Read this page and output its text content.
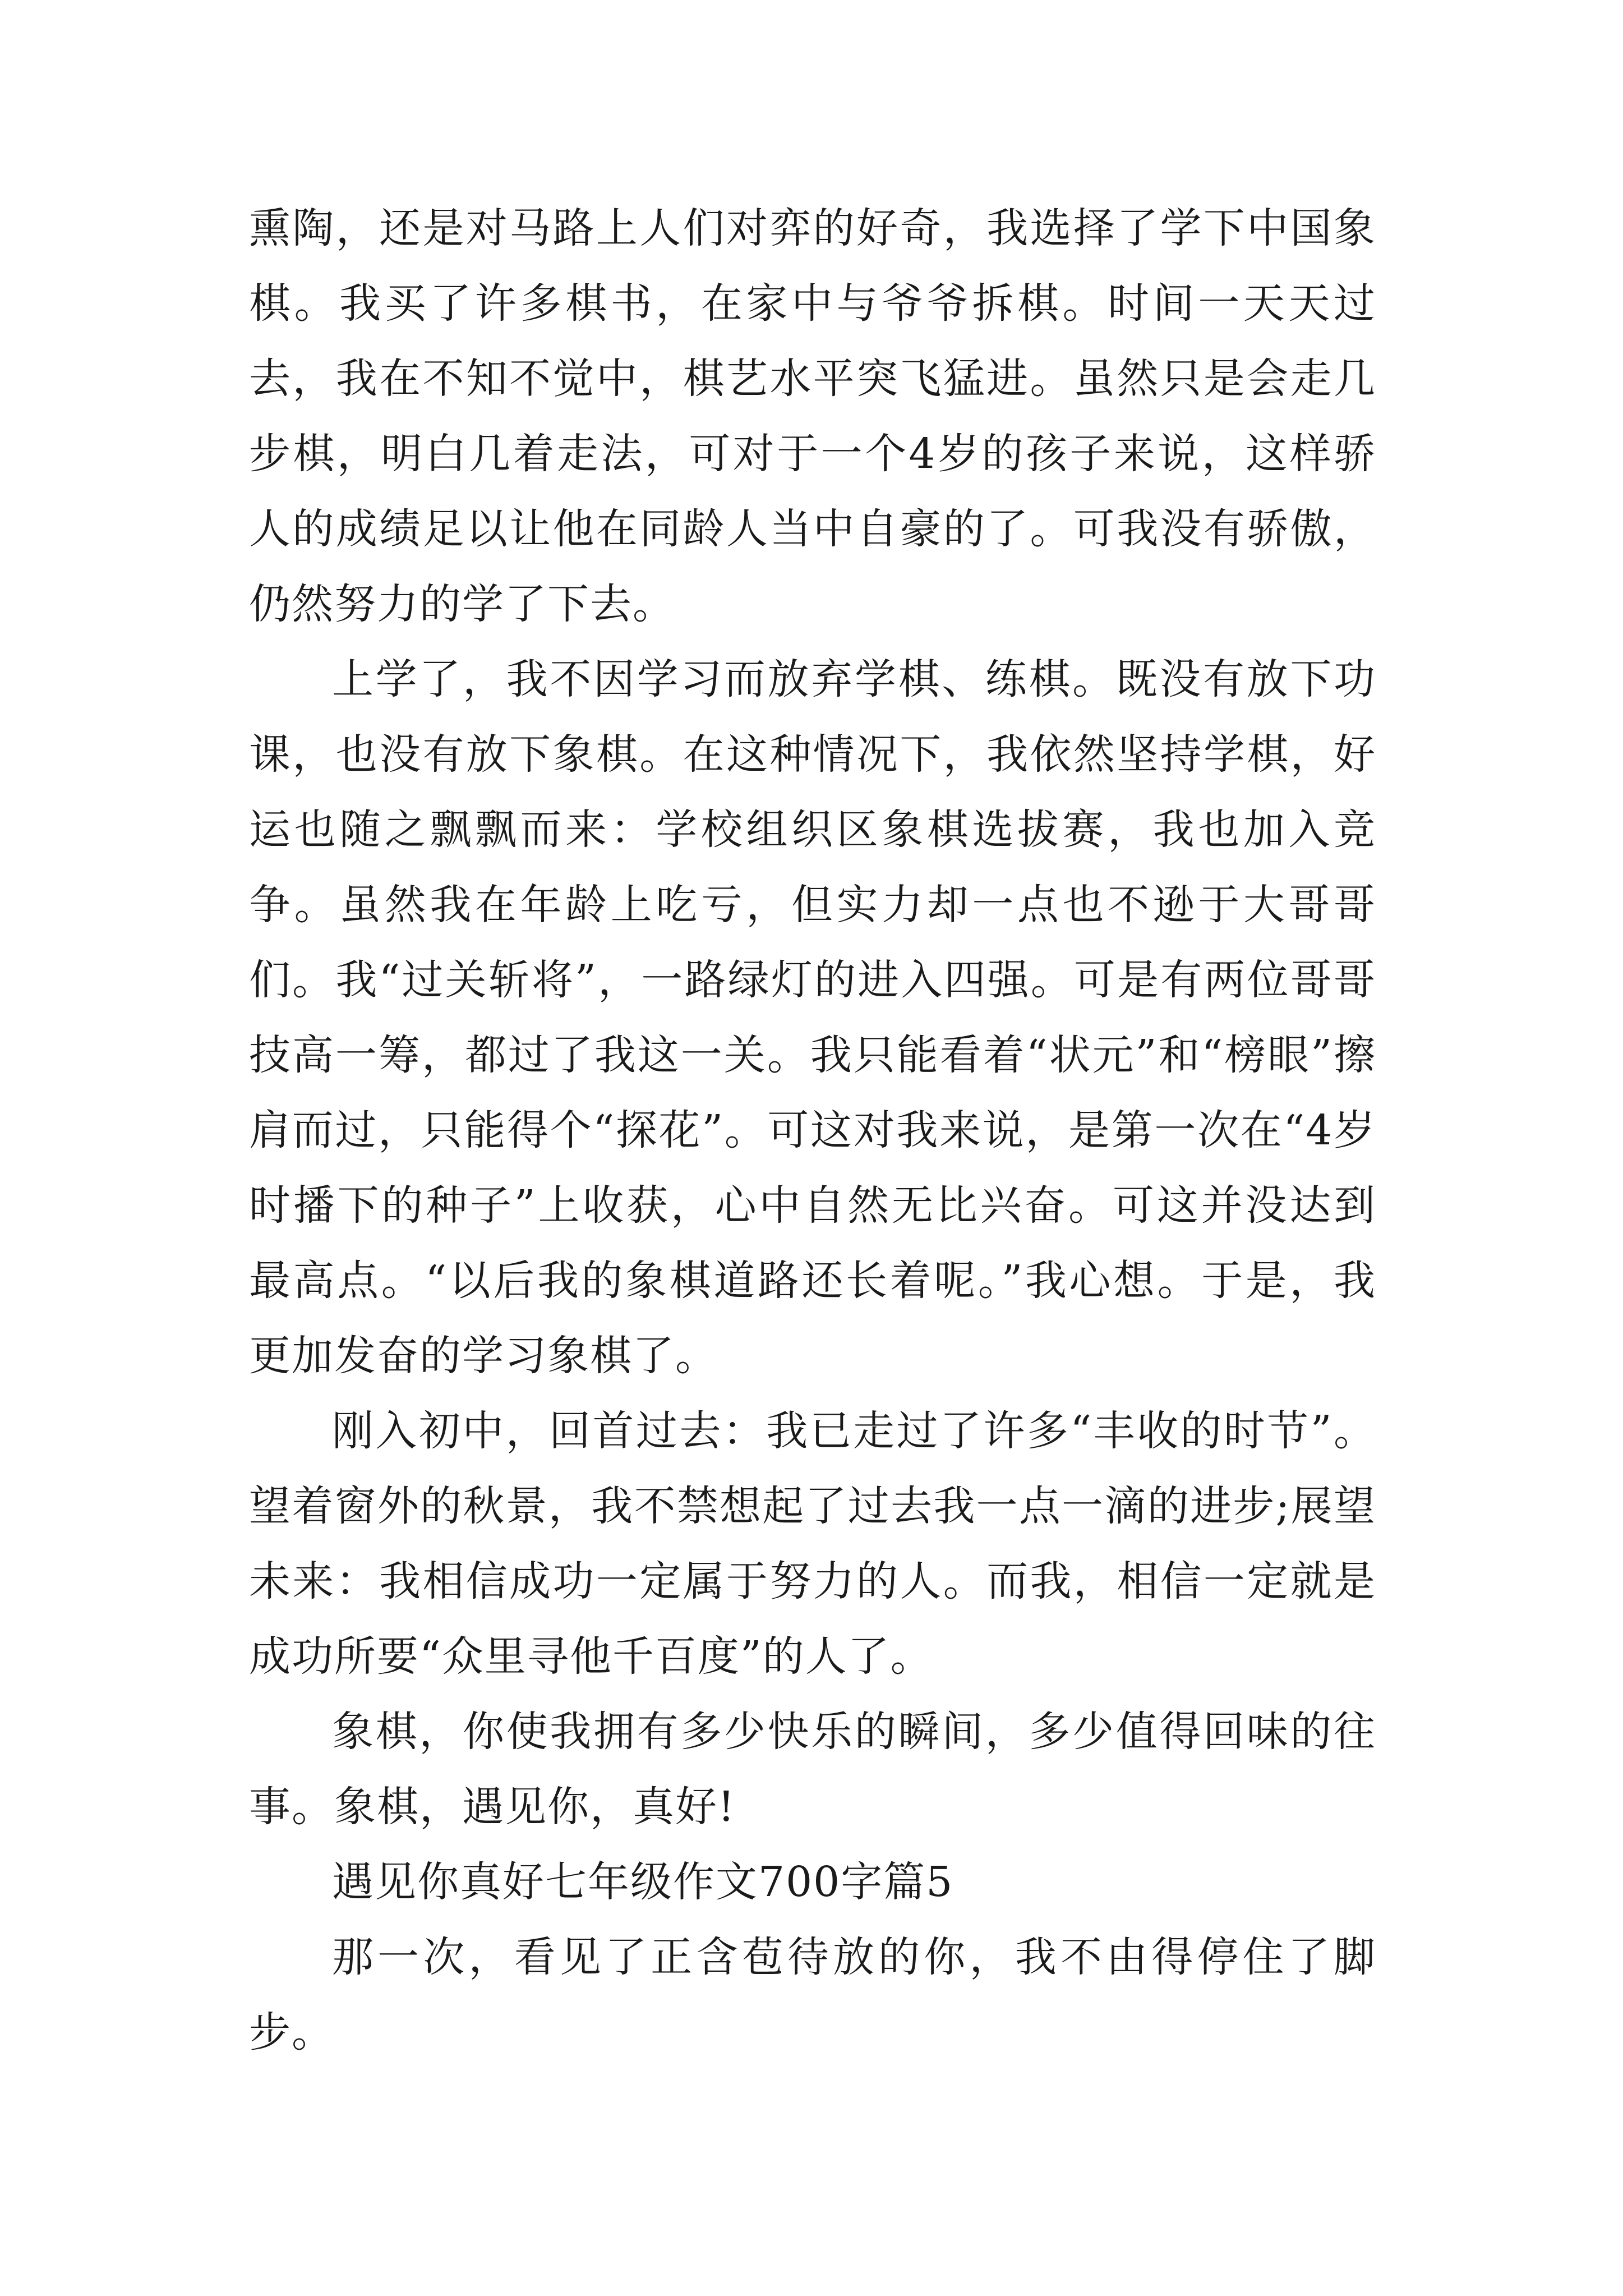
熏陶，还是对马路上人们对弈的好奇，我选择了学下中国象棋。我买了许多棋书，在家中与爷爷拆棋。时间一天天过去，我在不知不觉中，棋艺水平突飞猛进。虽然只是会走几步棋，明白几着走法，可对于一个4岁的孩子来说，这样骄人的成绩足以让他在同龄人当中自豪的了。可我没有骄傲，仍然努力的学了下去。

上学了，我不因学习而放弃学棋、练棋。既没有放下功课，也没有放下象棋。在这种情况下，我依然坚持学棋，好运也随之飘飘而来：学校组织区象棋选拔赛，我也加入竞争。虽然我在年龄上吃亏，但实力却一点也不逊于大哥哥们。我“过关斩将”，一路绿灯的进入四强。可是有两位哥哥技高一筹，都过了我这一关。我只能看着“状元”和“榜眼”擦肩而过，只能得个“探花”。可这对我来说，是第一次在“4岁时播下的种子”上收获，心中自然无比兴奋。可这并没达到最高点。“以后我的象棋道路还长着呢。”我心想。于是，我更加发奋的学习象棋了。

刚入初中，回首过去：我已走过了许多“丰收的时节”。望着窗外的秋景，我不禁想起了过去我一点一滴的进步;展望未来：我相信成功一定属于努力的人。而我，相信一定就是成功所要“众里寻他千百度”的人了。

象棋，你使我拥有多少快乐的瞬间，多少值得回味的往事。象棋，遇见你，真好!

遇见你真好七年级作文700字篇5

那一次，看见了正含苞待放的你，我不由得停住了脚步。
